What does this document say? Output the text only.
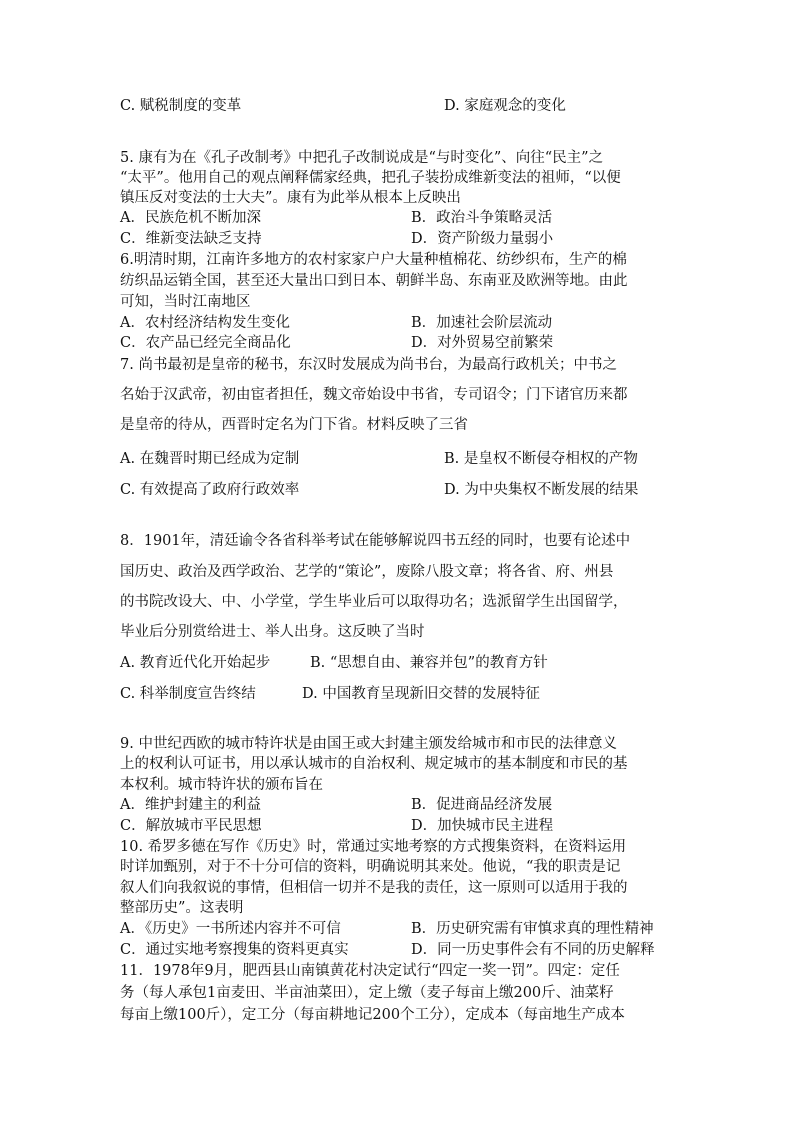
C. 赋税制度的变革	D. 家庭观念的变化
5. 康有为在《孔子改制考》中把孔子改制说成是“与时变化”、向往“民主”之
“太平”。他用自己的观点阐释儒家经典，把孔子装扮成维新变法的祖师，“以便
镇压反对变法的士大夫”。康有为此举从根本上反映出
A．民族危机不断加深	B．政治斗争策略灵活
C．维新变法缺乏支持	D．资产阶级力量弱小
6.明清时期，江南许多地方的农村家家户户大量种植棉花、纺纱织布，生产的棉
纺织品运销全国，甚至还大量出口到日本、朝鲜半岛、东南亚及欧洲等地。由此
可知，当时江南地区
A．农村经济结构发生变化	B．加速社会阶层流动
C．农产品已经完全商品化	D．对外贸易空前繁荣
7. 尚书最初是皇帝的秘书，东汉时发展成为尚书台，为最高行政机关；中书之
名始于汉武帝，初由宦者担任，魏文帝始设中书省，专司诏令；门下诸官历来都
是皇帝的待从，西晋时定名为门下省。材料反映了三省
A. 在魏晋时期已经成为定制	B. 是皇权不断侵夺相权的产物
C. 有效提高了政府行政效率	D. 为中央集权不断发展的结果
8．1901年，清廷谕令各省科举考试在能够解说四书五经的同时，也要有论述中
国历史、政治及西学政治、艺学的“策论”，废除八股文章；将各省、府、州县
的书院改设大、中、小学堂，学生毕业后可以取得功名；选派留学生出国留学，
毕业后分别赏给进士、举人出身。这反映了当时
A. 教育近代化开始起步	B. “思想自由、兼容并包”的教育方针
C. 科举制度宣告终结	D. 中国教育呈现新旧交替的发展特征
9. 中世纪西欧的城市特许状是由国王或大封建主颁发给城市和市民的法律意义
上的权利认可证书，用以承认城市的自治权利、规定城市的基本制度和市民的基
本权利。城市特许状的颁布旨在
A．维护封建主的利益	B．促进商品经济发展
C．解放城市平民思想	D．加快城市民主进程
10. 希罗多德在写作《历史》时，常通过实地考察的方式搜集资料，在资料运用
时详加甄别，对于不十分可信的资料，明确说明其来处。他说，“我的职责是记
叙人们向我叙说的事情，但相信一切并不是我的责任，这一原则可以适用于我的
整部历史”。这表明
A．《历史》一书所述内容并不可信	B．历史研究需有审慎求真的理性精神
C．通过实地考察搜集的资料更真实	D．同一历史事件会有不同的历史解释
11．1978年9月，肥西县山南镇黄花村决定试行“四定一奖一罚”。四定：定任
务（每人承包1亩麦田、半亩油菜田），定上缴（麦子每亩上缴200斤、油菜籽
每亩上缴100斤），定工分（每亩耕地记200个工分），定成本（每亩地生产成本
